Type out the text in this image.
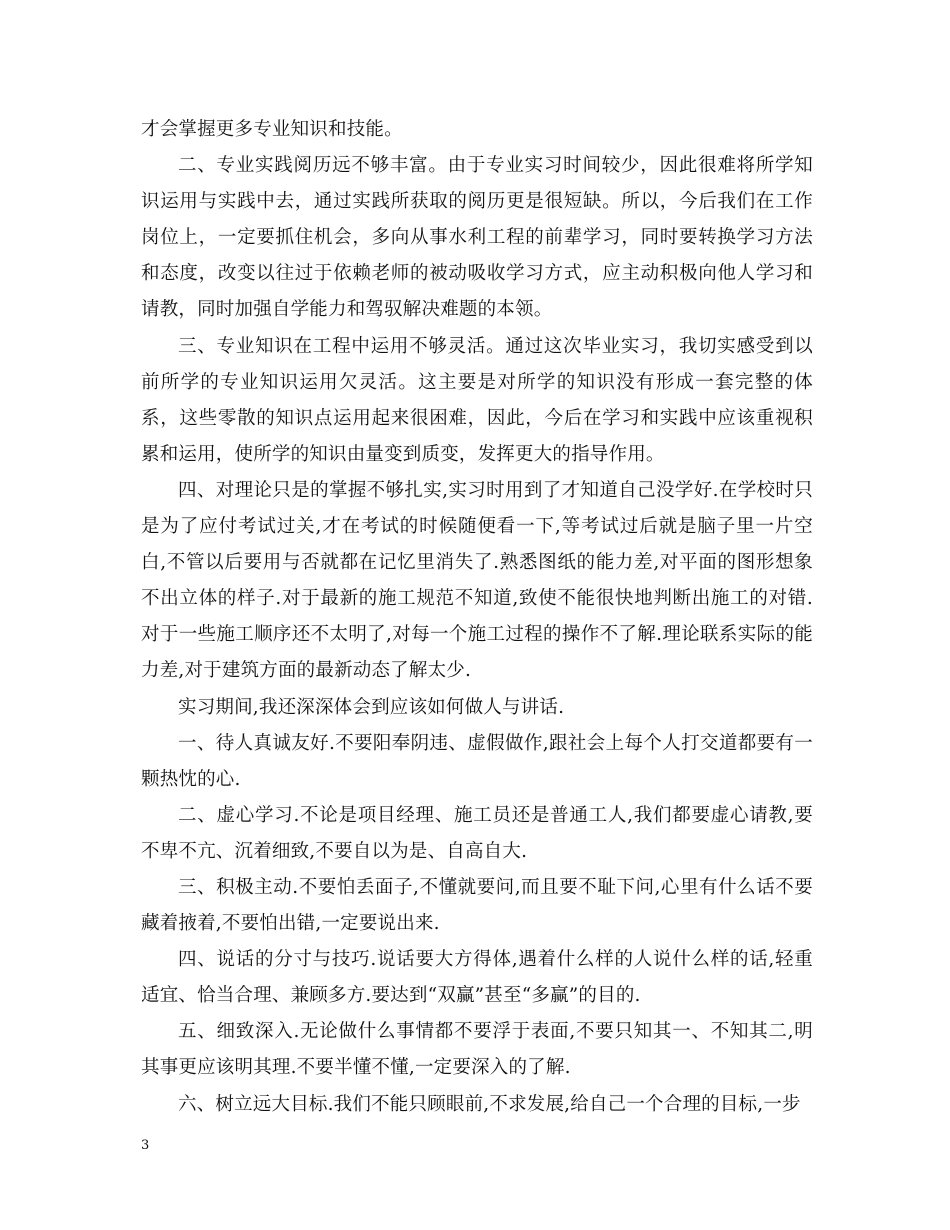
才会掌握更多专业知识和技能。

二、专业实践阅历远不够丰富。由于专业实习时间较少，因此很难将所学知识运用与实践中去，通过实践所获取的阅历更是很短缺。所以，今后我们在工作岗位上，一定要抓住机会，多向从事水利工程的前辈学习，同时要转换学习方法和态度，改变以往过于依赖老师的被动吸收学习方式，应主动积极向他人学习和请教，同时加强自学能力和驾驭解决难题的本领。

三、专业知识在工程中运用不够灵活。通过这次毕业实习，我切实感受到以前所学的专业知识运用欠灵活。这主要是对所学的知识没有形成一套完整的体系，这些零散的知识点运用起来很困难，因此，今后在学习和实践中应该重视积累和运用，使所学的知识由量变到质变，发挥更大的指导作用。

四、对理论只是的掌握不够扎实,实习时用到了才知道自己没学好.在学校时只是为了应付考试过关,才在考试的时候随便看一下,等考试过后就是脑子里一片空白,不管以后要用与否就都在记忆里消失了.熟悉图纸的能力差,对平面的图形想象不出立体的样子.对于最新的施工规范不知道,致使不能很快地判断出施工的对错.对于一些施工顺序还不太明了,对每一个施工过程的操作不了解.理论联系实际的能力差,对于建筑方面的最新动态了解太少.

实习期间,我还深深体会到应该如何做人与讲话.

一、待人真诚友好.不要阳奉阴违、虚假做作,跟社会上每个人打交道都要有一颗热忱的心.

二、虚心学习.不论是项目经理、施工员还是普通工人,我们都要虚心请教,要不卑不亢、沉着细致,不要自以为是、自高自大.

三、积极主动.不要怕丢面子,不懂就要问,而且要不耻下问,心里有什么话不要藏着掖着,不要怕出错,一定要说出来.

四、说话的分寸与技巧.说话要大方得体,遇着什么样的人说什么样的话,轻重适宜、恰当合理、兼顾多方.要达到“双赢”甚至“多赢”的目的.

五、细致深入.无论做什么事情都不要浮于表面,不要只知其一、不知其二,明其事更应该明其理.不要半懂不懂,一定要深入的了解.

六、树立远大目标.我们不能只顾眼前,不求发展,给自己一个合理的目标,一步

3
